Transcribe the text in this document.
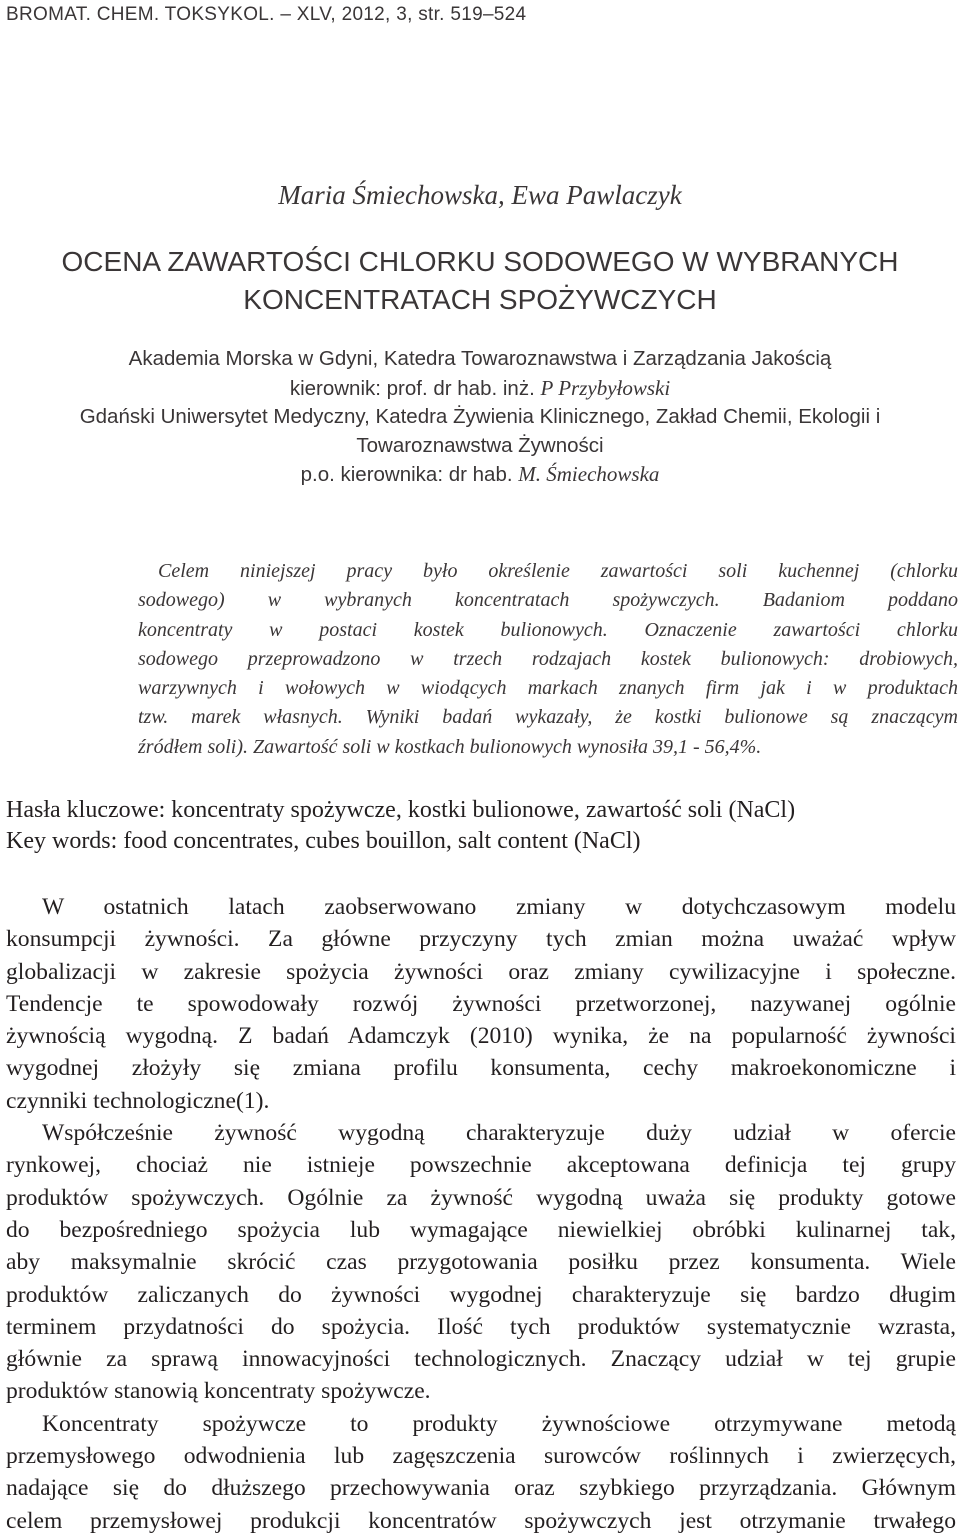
BROMAT. CHEM. TOKSYKOL. – XLV, 2012, 3, str. 519–524
Maria Śmiechowska, Ewa Pawlaczyk
OCENA ZAWARTOŚCI CHLORKU SODOWEGO W WYBRANYCH
KONCENTRATACH SPOŻYWCZYCH
Akademia Morska w Gdyni, Katedra Towaroznawstwa i Zarządzania Jakością
kierownik: prof. dr hab. inż. P Przybyłowski
Gdański Uniwersytet Medyczny, Katedra Żywienia Klinicznego, Zakład Chemii, Ekologii i
Towaroznawstwa Żywności
p.o. kierownika: dr hab. M. Śmiechowska
Celem niniejszej pracy było określenie zawartości soli kuchennej (chlorku
sodowego) w wybranych koncentratach spożywczych. Badaniom poddano
koncentraty w postaci kostek bulionowych. Oznaczenie zawartości chlorku
sodowego przeprowadzono w trzech rodzajach kostek bulionowych: drobiowych,
warzywnych i wołowych w wiodących markach znanych firm jak i w produktach
tzw. marek własnych. Wyniki badań wykazały, że kostki bulionowe są znaczącym
źródłem soli). Zawartość soli w kostkach bulionowych wynosiła 39,1 - 56,4%.
Hasła kluczowe: koncentraty spożywcze, kostki bulionowe, zawartość soli (NaCl)
Key words: food concentrates, cubes bouillon, salt content (NaCl)
W ostatnich latach zaobserwowano zmiany w dotychczasowym modelu
konsumpcji żywności. Za główne przyczyny tych zmian można uważać wpływ
globalizacji w zakresie spożycia żywności oraz zmiany cywilizacyjne i społeczne.
Tendencje te spowodowały rozwój żywności przetworzonej, nazywanej ogólnie
żywnością wygodną. Z badań Adamczyk (2010) wynika, że na popularność żywności
wygodnej złożyły się zmiana profilu konsumenta, cechy makroekonomiczne i
czynniki technologiczne(1).
Współcześnie żywność wygodną charakteryzuje duży udział w ofercie
rynkowej, chociaż nie istnieje powszechnie akceptowana definicja tej grupy
produktów spożywczych. Ogólnie za żywność wygodną uważa się produkty gotowe
do bezpośredniego spożycia lub wymagające niewielkiej obróbki kulinarnej tak,
aby maksymalnie skrócić czas przygotowania posiłku przez konsumenta. Wiele
produktów zaliczanych do żywności wygodnej charakteryzuje się bardzo długim
terminem przydatności do spożycia. Ilość tych produktów systematycznie wzrasta,
głównie za sprawą innowacyjności technologicznych. Znaczący udział w tej grupie
produktów stanowią koncentraty spożywcze.
Koncentraty spożywcze to produkty żywnościowe otrzymywane metodą
przemysłowego odwodnienia lub zagęszczenia surowców roślinnych i zwierzęcych,
nadające się do dłuższego przechowywania oraz szybkiego przyrządzania. Głównym
celem przemysłowej produkcji koncentratów spożywczych jest otrzymanie trwałego
